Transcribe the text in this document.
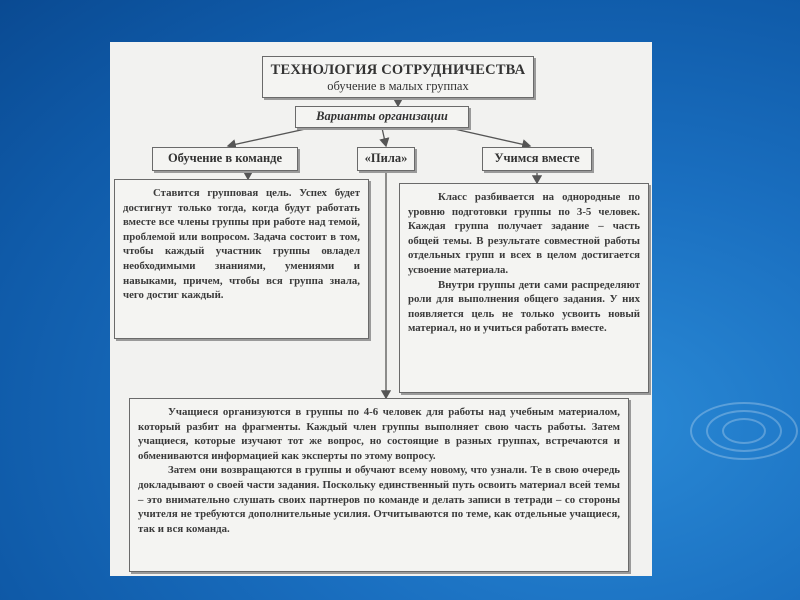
ТЕХНОЛОГИЯ СОТРУДНИЧЕСТВА
обучение в малых группах
Варианты организации
Обучение в команде	«Пила»	Учимся вместе

Ставится групповая цель. Успех будет достигнут только тогда, когда будут работать вместе все члены группы при работе над темой, проблемой или вопросом. Задача состоит в том, чтобы каждый участник группы овладел необходимыми знаниями, умениями и навыками, причем, чтобы вся группа знала, чего достиг каждый.

Класс разбивается на однородные по уровню подготовки группы по 3-5 человек. Каждая группа получает задание – часть общей темы. В результате совместной работы отдельных групп и всех в целом достигается усвоение материала.

Внутри группы дети сами распределяют роли для выполнения общего задания. У них появляется цель не только усвоить новый материал, но и учиться работать вместе.

Учащиеся организуются в группы по 4-6 человек для работы над учебным материалом, который разбит на фрагменты. Каждый член группы выполняет свою часть работы. Затем учащиеся, которые изучают тот же вопрос, но состоящие в разных группах, встречаются и обмениваются информацией как эксперты по этому вопросу.

Затем они возвращаются в группы и обучают всему новому, что узнали. Те в свою очередь докладывают о своей части задания. Поскольку единственный путь освоить материал всей темы – это внимательно слушать своих партнеров по команде и делать записи в тетради – со стороны учителя не требуются дополнительные усилия. Отчитываются по теме, как отдельные учащиеся, так и вся команда.
